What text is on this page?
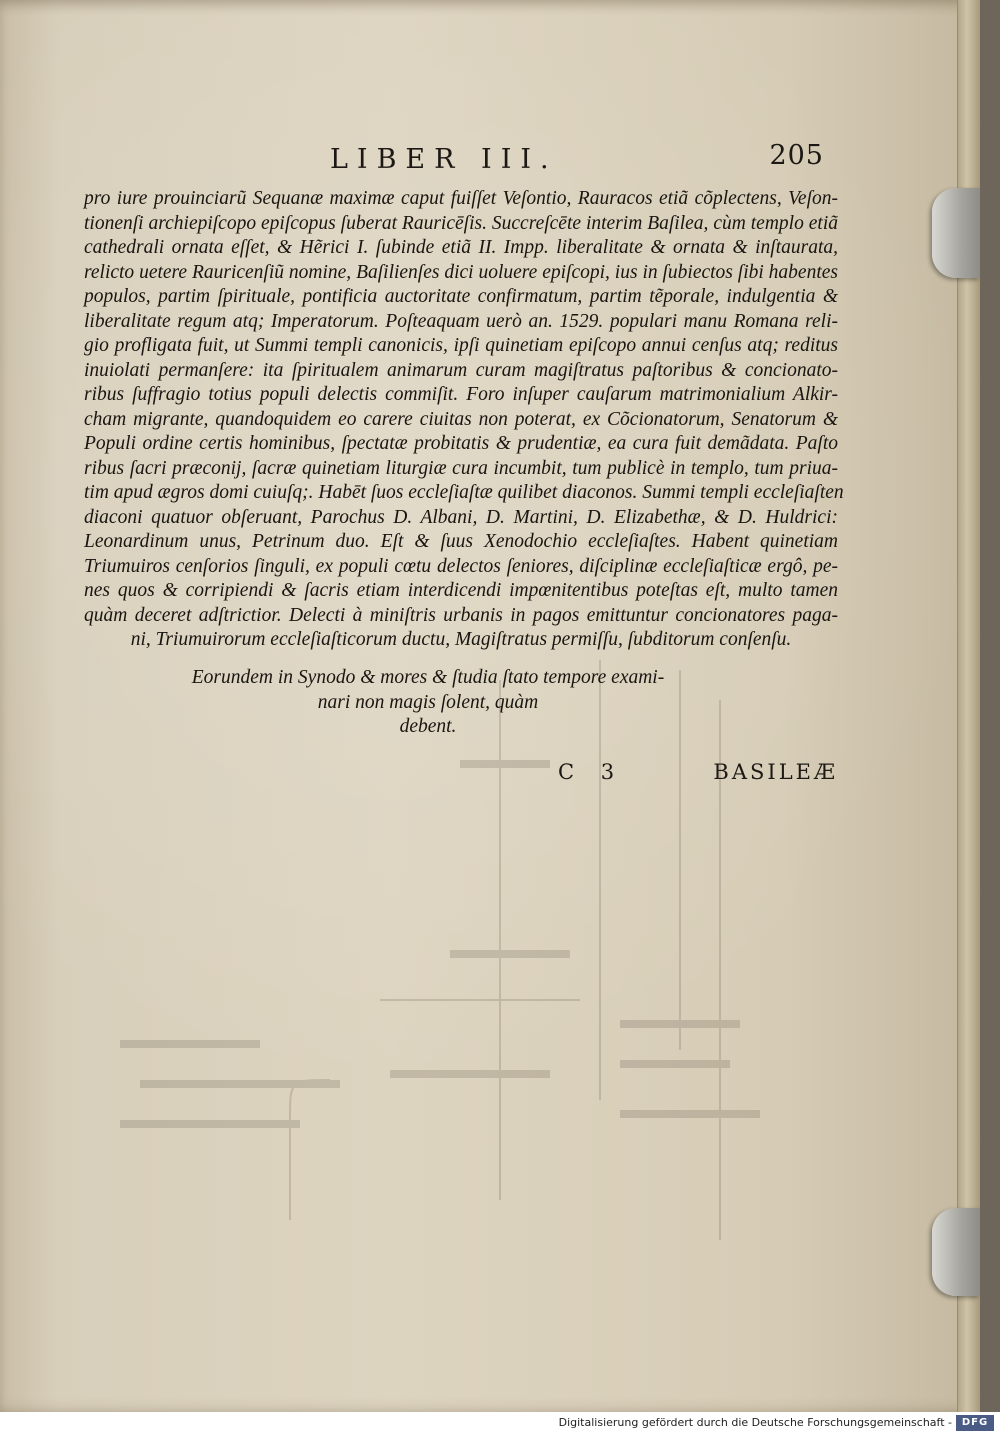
LIBER III.	205
pro iure prouinciarũ Sequanæ maximæ caput fuiſſet Veſontio, Rauracos etiã cõplectens, Veſon-
tionenſi archiepiſcopo epiſcopus ſuberat Rauricēſis. Succreſcēte interim Baſilea, cùm templo etiã
cathedrali ornata eſſet, & Hẽrici I. ſubinde etiã II. Impp. liberalitate & ornata & inſtaurata,
relicto uetere Rauricenſiũ nomine, Baſilienſes dici uoluere epiſcopi, ius in ſubiectos ſibi habentes
populos, partim ſpirituale, pontificia auctoritate confirmatum, partim tẽporale, indulgentia &
liberalitate regum atq; Imperatorum. Poſteaquam uerò an. 1529. populari manu Romana reli-
gio profligata fuit, ut Summi templi canonicis, ipſi quinetiam epiſcopo annui cenſus atq; reditus
inuiolati permanſere: ita ſpiritualem animarum curam magiſtratus paſtoribus & concionato-
ribus ſuffragio totius populi delectis commiſit. Foro inſuper cauſarum matrimonialium Alkir-
cham migrante, quandoquidem eo carere ciuitas non poterat, ex Cõcionatorum, Senatorum &
Populi ordine certis hominibus, ſpectatæ probitatis & prudentiæ, ea cura fuit demãdata. Paſto
ribus ſacri præconij, ſacræ quinetiam liturgiæ cura incumbit, tum publicè in templo, tum priua-
tim apud ægros domi cuiuſq;. Habēt ſuos eccleſiaſtæ quilibet diaconos. Summi templi eccleſiaſten
diaconi quatuor obſeruant, Parochus D. Albani, D. Martini, D. Elizabethæ, & D. Huldrici:
Leonardinum unus, Petrinum duo. Eſt & ſuus Xenodochio eccleſiaſtes. Habent quinetiam
Triumuiros cenſorios ſinguli, ex populi cœtu delectos ſeniores, diſciplinæ eccleſiaſticæ ergô, pe-
nes quos & corripiendi & ſacris etiam interdicendi impœnitentibus poteſtas eſt, multo tamen
quàm deceret adſtrictior. Delecti à miniſtris urbanis in pagos emittuntur concionatores paga-
ni, Triumuirorum eccleſiaſticorum ductu, Magiſtratus permiſſu, ſubditorum conſenſu.
Eorundem in Synodo & mores & ſtudia ſtato tempore exami-
nari non magis ſolent, quàm
debent.
C 3	BASILEÆ
Digitalisierung gefördert durch die Deutsche Forschungsgemeinschaft - DFG
